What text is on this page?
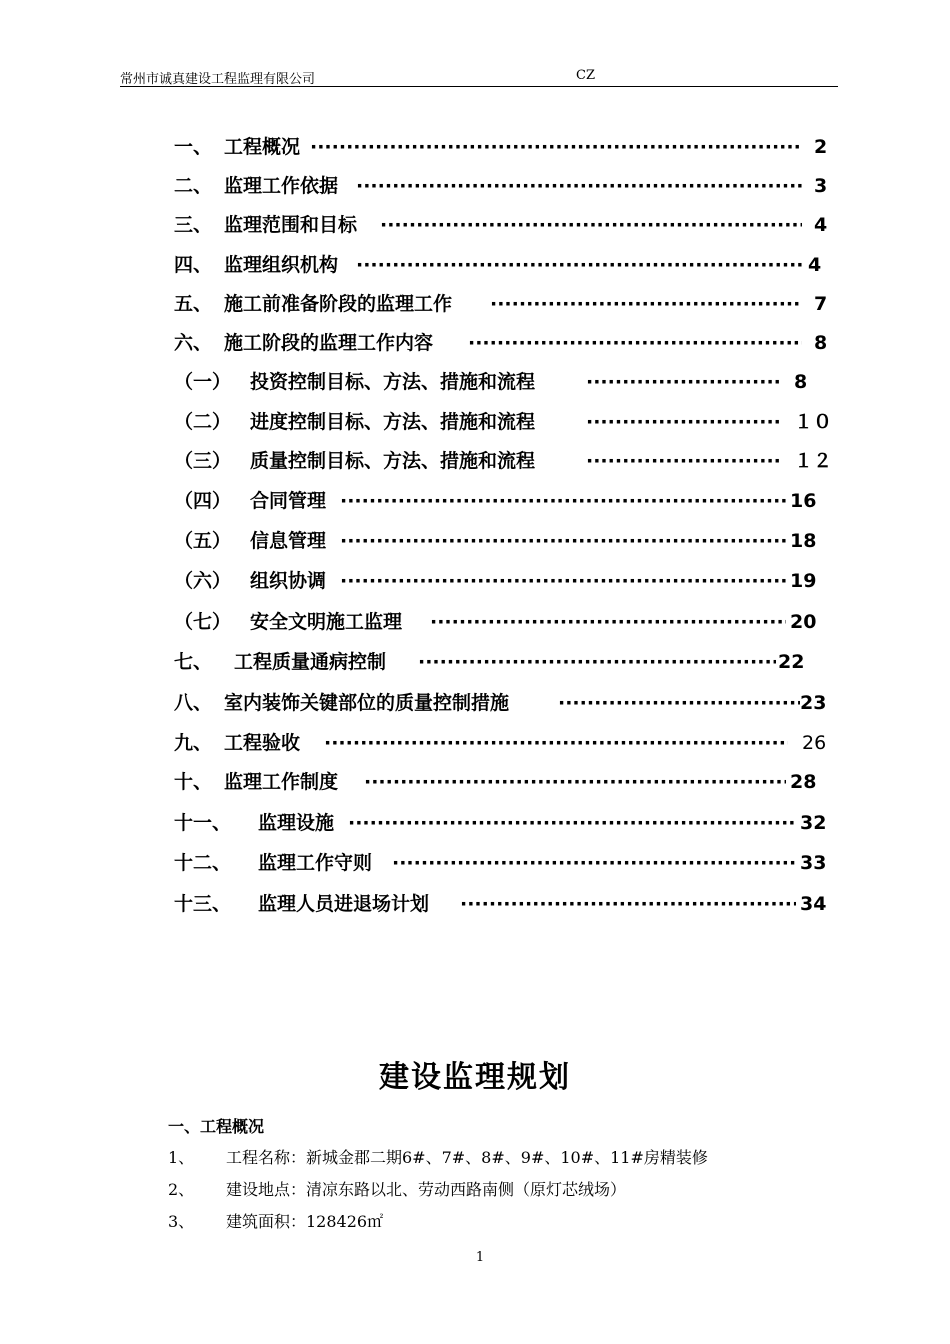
常州市诚真建设工程监理有限公司	CZ
一、 工程概况 ·····	2
二、 监理工作依据 ·····	3
三、 监理范围和目标 ·····	4
四、 监理组织机构 ·····	4
五、 施工前准备阶段的监理工作 ·····	7
六、 施工阶段的监理工作内容 ·····	8
（一） 投资控制目标、方法、措施和流程 ·····	8
（二） 进度控制目标、方法、措施和流程 ·····	１０
（三） 质量控制目标、方法、措施和流程 ·····	１２
（四） 合同管理 ·····	16
（五） 信息管理 ·····	18
（六） 组织协调 ·····	19
（七） 安全文明施工监理 ·····	20
七、 工程质量通病控制 ·····	22
八、 室内装饰关键部位的质量控制措施 ·····	23
九、 工程验收 ·····	26
十、 监理工作制度 ·····	28
十一、 监理设施 ·····	32
十二、 监理工作守则 ·····	33
十三、 监理人员进退场计划 ·····	34
建设监理规划
一、工程概况
1、 工程名称：新城金郡二期6#、7#、8#、9#、10#、11#房精装修
2、 建设地点：清凉东路以北、劳动西路南侧（原灯芯绒场）
3、 建筑面积：128426㎡
1
